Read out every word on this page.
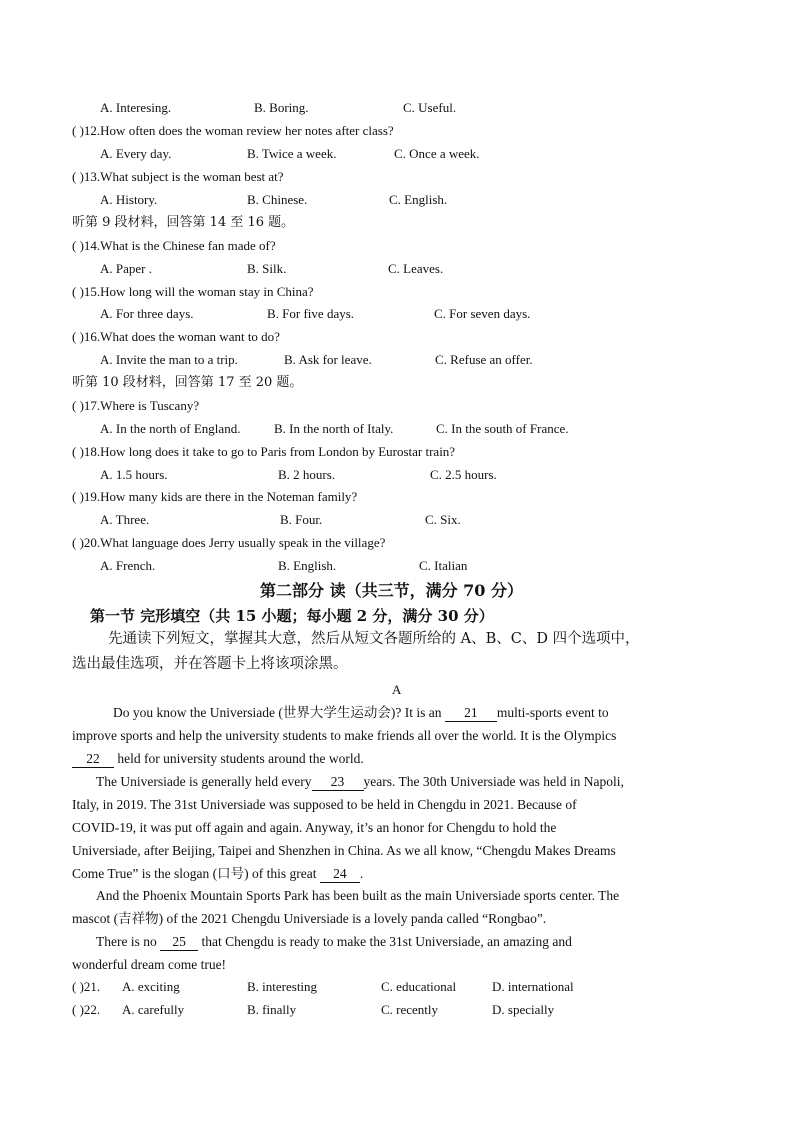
A. Interesing.	B. Boring.	C. Useful.
( )12.How often does the woman review her notes after class?
A. Every day.	B. Twice a week.	C. Once a week.
( )13.What subject is the woman best at?
A. History.	B. Chinese.	C. English.
听第 9 段材料，回答第 14 至 16 题。
( )14.What is the Chinese fan made of?
A. Paper .	B. Silk.	C. Leaves.
( )15.How long will the woman stay in China?
A. For three days.	B. For five days.	C. For seven days.
( )16.What does the woman want to do?
A. Invite the man to a trip.	B. Ask for leave.	C. Refuse an offer.
听第 10 段材料，回答第 17 至 20 题。
( )17.Where is Tuscany?
A. In the north of England.	B. In the north of Italy.	C. In the south of France.
( )18.How long does it take to go to Paris from London by Eurostar train?
A. 1.5 hours.	B. 2 hours.	C. 2.5 hours.
( )19.How many kids are there in the Noteman family?
A. Three.	B. Four.	C. Six.
( )20.What language does Jerry usually speak in the village?
A. French.	B. English.	C. Italian
第二部分 读（共三节，满分 70 分）
第一节 完形填空（共 15 小题；每小题 2 分，满分 30 分）
先通读下列短文，掌握其大意，然后从短文各题所给的 A、B、C、D 四个选项中，
选出最佳选项，并在答题卡上将该项涂黑。
A
Do you know the Universiade (世界大学生运动会)? It is an 21 multi-sports event to
improve sports and help the university students to make friends all over the world. It is the Olympics
22 held for university students around the world.
The Universiade is generally held every 23 years. The 30th Universiade was held in Napoli,
Italy, in 2019. The 31st Universiade was supposed to be held in Chengdu in 2021. Because of
COVID-19, it was put off again and again. Anyway, it’s an honor for Chengdu to hold the
Universiade, after Beijing, Taipei and Shenzhen in China. As we all know, “Chengdu Makes Dreams
Come True” is the slogan (口号) of this great 24 .
And the Phoenix Mountain Sports Park has been built as the main Universiade sports center. The
mascot (吉祥物) of the 2021 Chengdu Universiade is a lovely panda called “Rongbao”.
There is no 25 that Chengdu is ready to make the 31st Universiade, an amazing and
wonderful dream come true!
( )21. A. exciting	B. interesting	C. educational	D. international
( )22. A. carefully	B. finally	C. recently	D. specially
